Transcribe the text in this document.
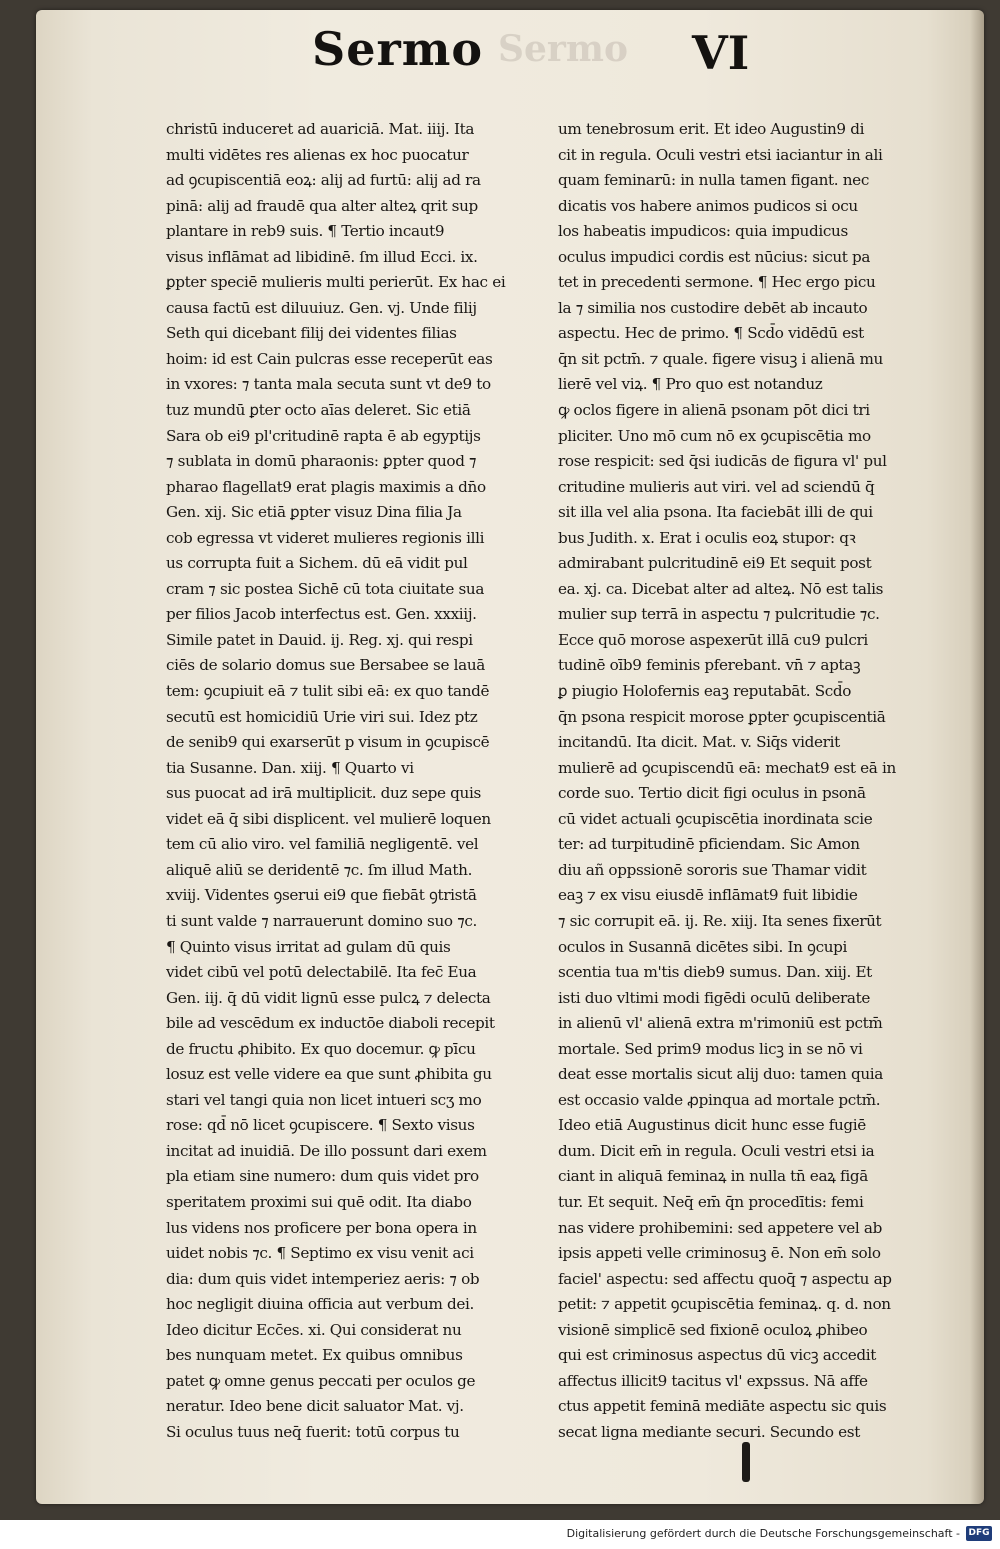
Sermo Sermo VI
christū induceret ad auariciā. Mat. iiij. Ita
multi vidētes res alienas ex hoc puocatur
ad ꝯcupiscentiā eoꝝ: alij ad furtū: alij ad ra
pinā: alij ad fraudē qua alter alteꝝ qrit sup
plantare in reb9 suis. ¶ Tertio incaut9
visus inflāmat ad libidinē. ſm illud Ecci. ix.
ꝑpter speciē mulieris multi perierūt. Ex hac ei
causa factū est diluuiuz. Gen. vj. Unde filij
Seth qui dicebant filij dei videntes filias
hoim: id est Cain pulcras esse receperūt eas
in vxores: ⁊ tanta mala secuta sunt vt de9 to
tuz mundū ꝑter octo aīas deleret. Sic etiā
Sara ob ei9 pl'critudinē rapta ē ab egyptijs
⁊ sublata in domū pharaonis: ꝑpter quod ⁊
pharao flagellat9 erat plagis maximis a dn̄o
Gen. xij. Sic etiā ꝑpter visuz Dina filia Ja
cob egressa vt videret mulieres regionis illi
us corrupta fuit a Sichem. dū eā vidit pul
cram ⁊ sic postea Sichē cū tota ciuitate sua
per filios Jacob interfectus est. Gen. xxxiij.
Simile patet in Dauid. ij. Reg. xj. qui respi
ciēs de solario domus sue Bersabee se lauā
tem: ꝯcupiuit eā ⁊ tulit sibi eā: ex quo tandē
secutū est homicidiū Urie viri sui. Idez ptz
de senib9 qui exarserūt p visum in ꝯcupiscē
tia Susanne. Dan. xiij. ¶ Quarto vi
sus puocat ad irā multiplicit. duz sepe quis
videt eā q̄ sibi displicent. vel mulierē loquen
tem cū alio viro. vel familiā negligentē. vel
aliquē aliū se deridentē ⁊c. ſm illud Math.
xviij. Videntes ꝯserui ei9 que fiebāt ꝯtristā
ti sunt valde ⁊ narrauerunt domino suo ⁊c.
¶ Quinto visus irritat ad gulam dū quis
videt cibū vel potū delectabilē. Ita fec̄ Eua
Gen. iij. q̄ dū vidit lignū esse pulcꝝ ⁊ delecta
bile ad vescēdum ex inductōe diaboli recepit
de fructu ꝓhibito. Ex quo docemur. ꝙ pīcu
losuz est velle videre ea que sunt ꝓhibita gu
stari vel tangi quia non licet intueri scʒ mo
rose: qd̄ nō licet ꝯcupiscere. ¶ Sexto visus
incitat ad inuidiā. De illo possunt dari exem
pla etiam sine numero: dum quis videt pro
speritatem proximi sui quē odit. Ita diabo
lus videns nos proficere per bona opera in
uidet nobis ⁊c. ¶ Septimo ex visu venit aci
dia: dum quis videt intemperiez aeris: ⁊ ob
hoc negligit diuina officia aut verbum dei.
Ideo dicitur Ecc̄es. xi. Qui considerat nu
bes nunquam metet. Ex quibus omnibus
patet ꝙ omne genus peccati per oculos ge
neratur. Ideo bene dicit saluator Mat. vj.
Si oculus tuus neq̄ fuerit: totū corpus tu
um tenebrosum erit. Et ideo Augustin9 di
cit in regula. Oculi vestri etsi iaciantur in ali
quam feminarū: in nulla tamen figant. nec
dicatis vos habere animos pudicos si ocu
los habeatis impudicos: quia impudicus
oculus impudici cordis est nūcius: sicut pa
tet in precedenti sermone. ¶ Hec ergo picu
la ⁊ similia nos custodire debēt ab incauto
aspectu. Hec de primo. ¶ Scd̄o vidēdū est
q̄n sit pctm̄. ⁊ quale. figere visuꝫ i alienā mu
lierē vel viꝝ. ¶ Pro quo est notanduz
ꝙ oclos figere in alienā psonam pōt dici tri
pliciter. Uno mō cum nō ex ꝯcupiscētia mo
rose respicit: sed q̄si iudicās de figura vl' pul
critudine mulieris aut viri. vel ad sciendū q̄
sit illa vel alia psona. Ita faciebāt illi de qui
bus Judith. x. Erat i oculis eoꝝ stupor: qꝛ
admirabant pulcritudinē ei9 Et sequit post
ea. xj. ca. Dicebat alter ad alteꝝ. Nō est talis
mulier sup terrā in aspectu ⁊ pulcritudie ⁊c.
Ecce quō morose aspexerūt illā cu9 pulcri
tudinē oīb9 feminis pferebant. vn̄ ⁊ aptaꝫ
ꝑ piugio Holofernis eaꝫ reputabāt. Scd̄o
q̄n psona respicit morose ꝑpter ꝯcupiscentiā
incitandū. Ita dicit. Mat. v. Siq̄s viderit
mulierē ad ꝯcupiscendū eā: mechat9 est eā in
corde suo. Tertio dicit figi oculus in psonā
cū videt actuali ꝯcupiscētia inordinata scie
ter: ad turpitudinē pficiendam. Sic Amon
diu añ oppssionē sororis sue Thamar vidit
eaꝫ ⁊ ex visu eiusdē inflāmat9 fuit libidie
⁊ sic corrupit eā. ij. Re. xiij. Ita senes fixerūt
oculos in Susannā dicētes sibi. In ꝯcupi
scentia tua m'tis dieb9 sumus. Dan. xiij. Et
isti duo vltimi modi figēdi oculū deliberate
in alienū vl' alienā extra m'rimoniū est pctm̄
mortale. Sed prim9 modus licꝫ in se nō vi
deat esse mortalis sicut alij duo: tamen quia
est occasio valde ꝓpinqua ad mortale pctm̄.
Ideo etiā Augustinus dicit hunc esse fugiē
dum. Dicit em̄ in regula. Oculi vestri etsi ia
ciant in aliquā feminaꝝ in nulla tn̄ eaꝝ figā
tur. Et sequit. Neq̄ em̄ q̄n procedītis: femi
nas videre prohibemini: sed appetere vel ab
ipsis appeti velle criminosuꝫ ē. Non em̄ solo
faciel' aspectu: sed affectu quoq̄ ⁊ aspectu ap
petit: ⁊ appetit ꝯcupiscētia feminaꝝ. q. d. non
visionē simplicē sed fixionē oculoꝝ ꝓhibeo
qui est criminosus aspectus dū vicꝫ accedit
affectus illicit9 tacitus vl' expssus. Nā affe
ctus appetit feminā mediāte aspectu sic quis
secat ligna mediante securi. Secundo est
Digitalisierung gefördert durch die Deutsche Forschungsgemeinschaft - DFG
